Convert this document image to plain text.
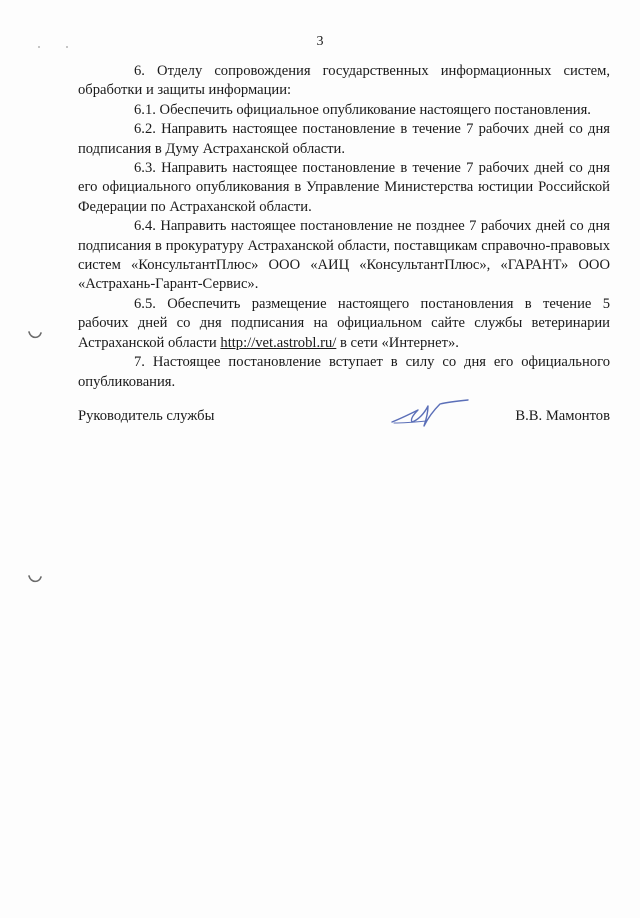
3

6. Отделу сопровождения государственных информационных систем, обработки и защиты информации:

6.1. Обеспечить официальное опубликование настоящего постановления.

6.2. Направить настоящее постановление в течение 7 рабочих дней со дня подписания в Думу Астраханской области.

6.3. Направить настоящее постановление в течение 7 рабочих дней со дня его официального опубликования в Управление Министерства юстиции Российской Федерации по Астраханской области.

6.4. Направить настоящее постановление не позднее 7 рабочих дней со дня подписания в прокуратуру Астраханской области, поставщикам справочно-правовых систем «КонсультантПлюс» ООО «АИЦ «КонсультантПлюс», «ГАРАНТ» ООО «Астрахань-Гарант-Сервис».

6.5. Обеспечить размещение настоящего постановления в течение 5 рабочих дней со дня подписания на официальном сайте службы ветеринарии Астраханской области http://vet.astrobl.ru/ в сети «Интернет».

7. Настоящее постановление вступает в силу со дня его официального опубликования.

Руководитель службы	В.В. Мамонтов
